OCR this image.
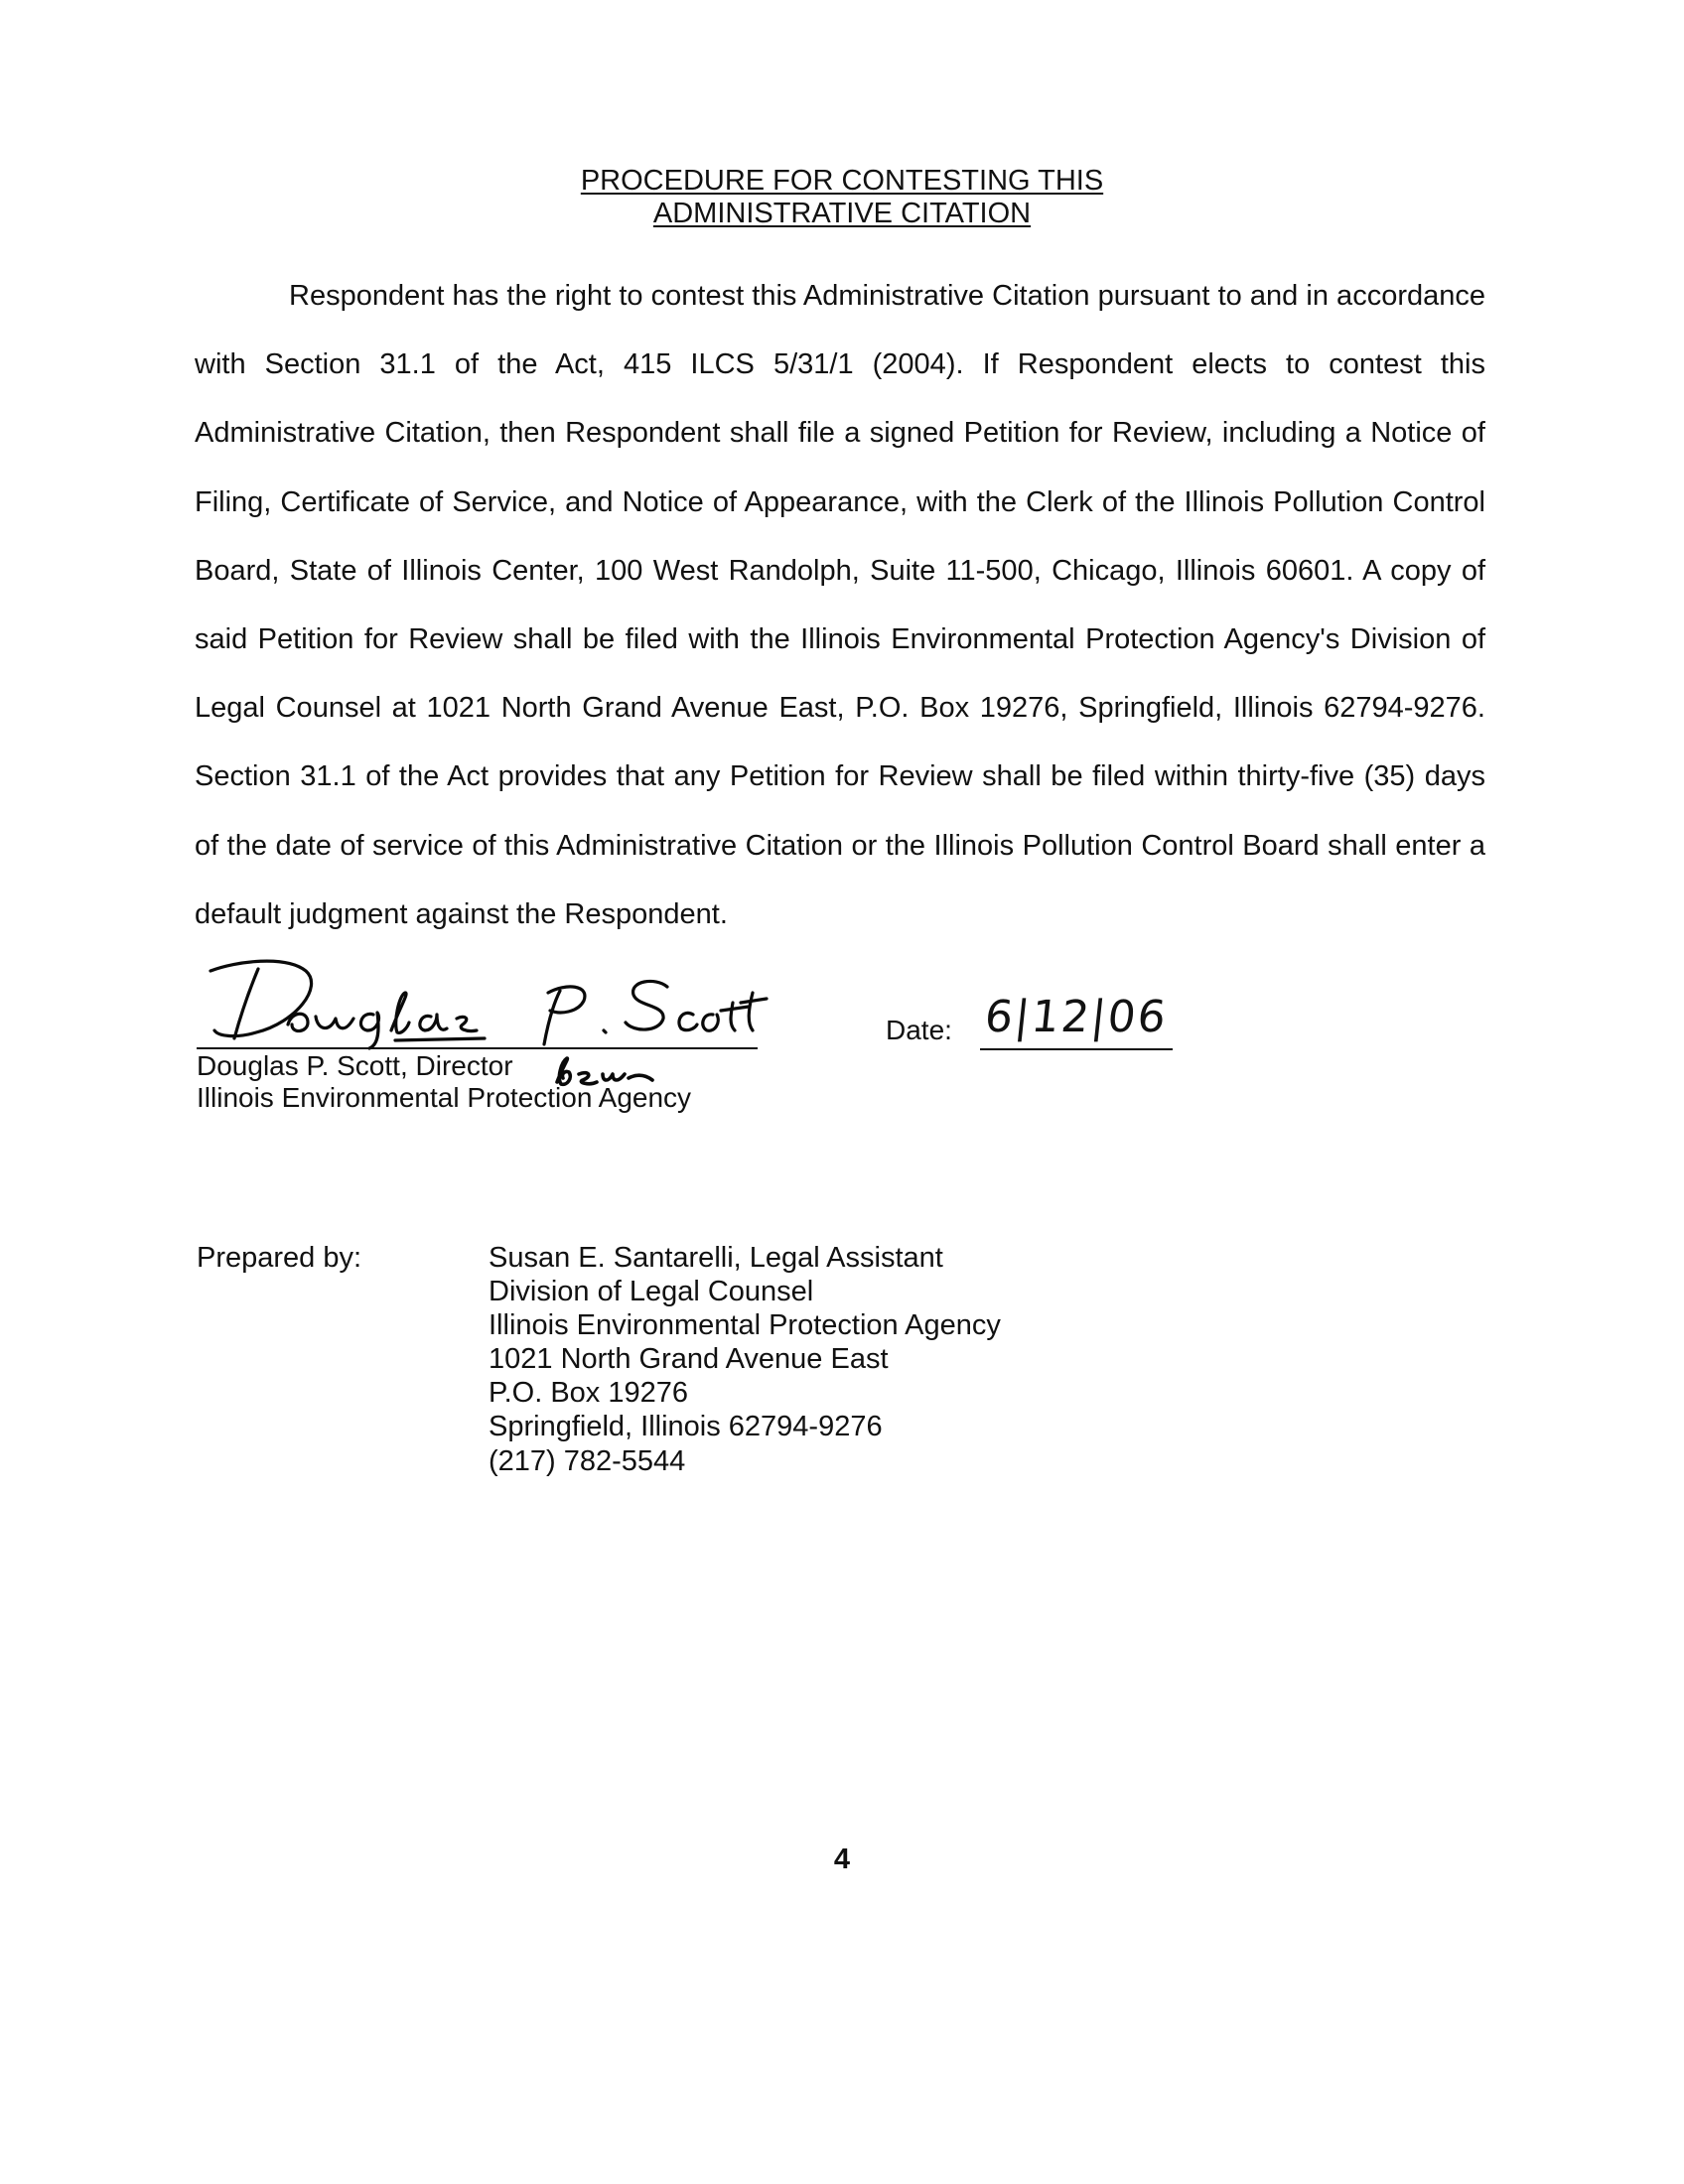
PROCEDURE FOR CONTESTING THIS
ADMINISTRATIVE CITATION

Respondent has the right to contest this Administrative Citation pursuant to and in accordance with Section 31.1 of the Act, 415 ILCS 5/31/1 (2004). If Respondent elects to contest this Administrative Citation, then Respondent shall file a signed Petition for Review, including a Notice of Filing, Certificate of Service, and Notice of Appearance, with the Clerk of the Illinois Pollution Control Board, State of Illinois Center, 100 West Randolph, Suite 11-500, Chicago, Illinois 60601. A copy of said Petition for Review shall be filed with the Illinois Environmental Protection Agency's Division of Legal Counsel at 1021 North Grand Avenue East, P.O. Box 19276, Springfield, Illinois 62794-9276. Section 31.1 of the Act provides that any Petition for Review shall be filed within thirty-five (35) days of the date of service of this Administrative Citation or the Illinois Pollution Control Board shall enter a default judgment against the Respondent.

Douglas P. Scott, Director
Illinois Environmental Protection Agency
Date: 6|12|06
Prepared by:	Susan E. Santarelli, Legal Assistant
Division of Legal Counsel
Illinois Environmental Protection Agency
1021 North Grand Avenue East
P.O. Box 19276
Springfield, Illinois 62794-9276
(217) 782-5544
4
